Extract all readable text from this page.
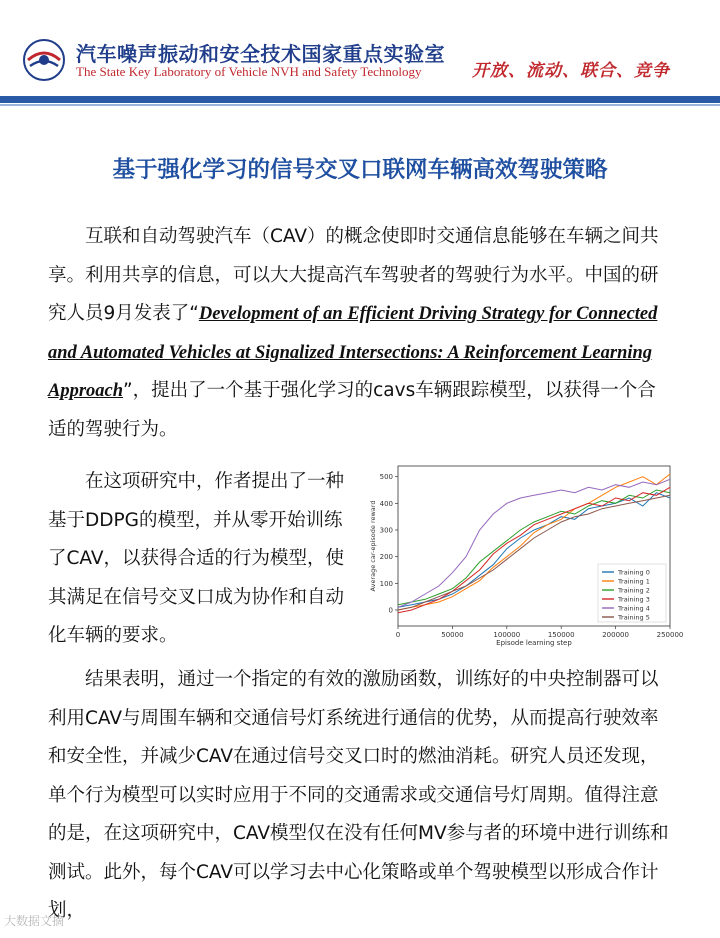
汽车噪声振动和安全技术国家重点实验室
The State Key Laboratory of Vehicle NVH and Safety Technology	开放、流动、联合、竞争
基于强化学习的信号交叉口联网车辆高效驾驶策略
　　互联和自动驾驶汽车（CAV）的概念使即时交通信息能够在车辆之间共享。利用共享的信息，可以大大提高汽车驾驶者的驾驶行为水平。中国的研究人员9月发表了“Development of an Efficient Driving Strategy for Connected and Automated Vehicles at Signalized Intersections: A Reinforcement Learning Approach”，提出了一个基于强化学习的cavs车辆跟踪模型，以获得一个合适的驾驶行为。
　　在这项研究中，作者提出了一种基于DDPG的模型，并从零开始训练了CAV，以获得合适的行为模型，使其满足在信号交叉口成为协作和自动化车辆的要求。
0
100
200
300
400
500
0	50000	100000	150000	200000	250000
Episode learning step
Average car-episode reward	Training 0
Training 1
Training 2
Training 3
Training 4
Training 5
　　结果表明，通过一个指定的有效的激励函数，训练好的中央控制器可以利用CAV与周围车辆和交通信号灯系统进行通信的优势，从而提高行驶效率和安全性，并减少CAV在通过信号交叉口时的燃油消耗。研究人员还发现，单个行为模型可以实时应用于不同的交通需求或交通信号灯周期。值得注意的是，在这项研究中，CAV模型仅在没有任何MV参与者的环境中进行训练和测试。此外，每个CAV可以学习去中心化策略或单个驾驶模型以形成合作计划，
大数据文摘
